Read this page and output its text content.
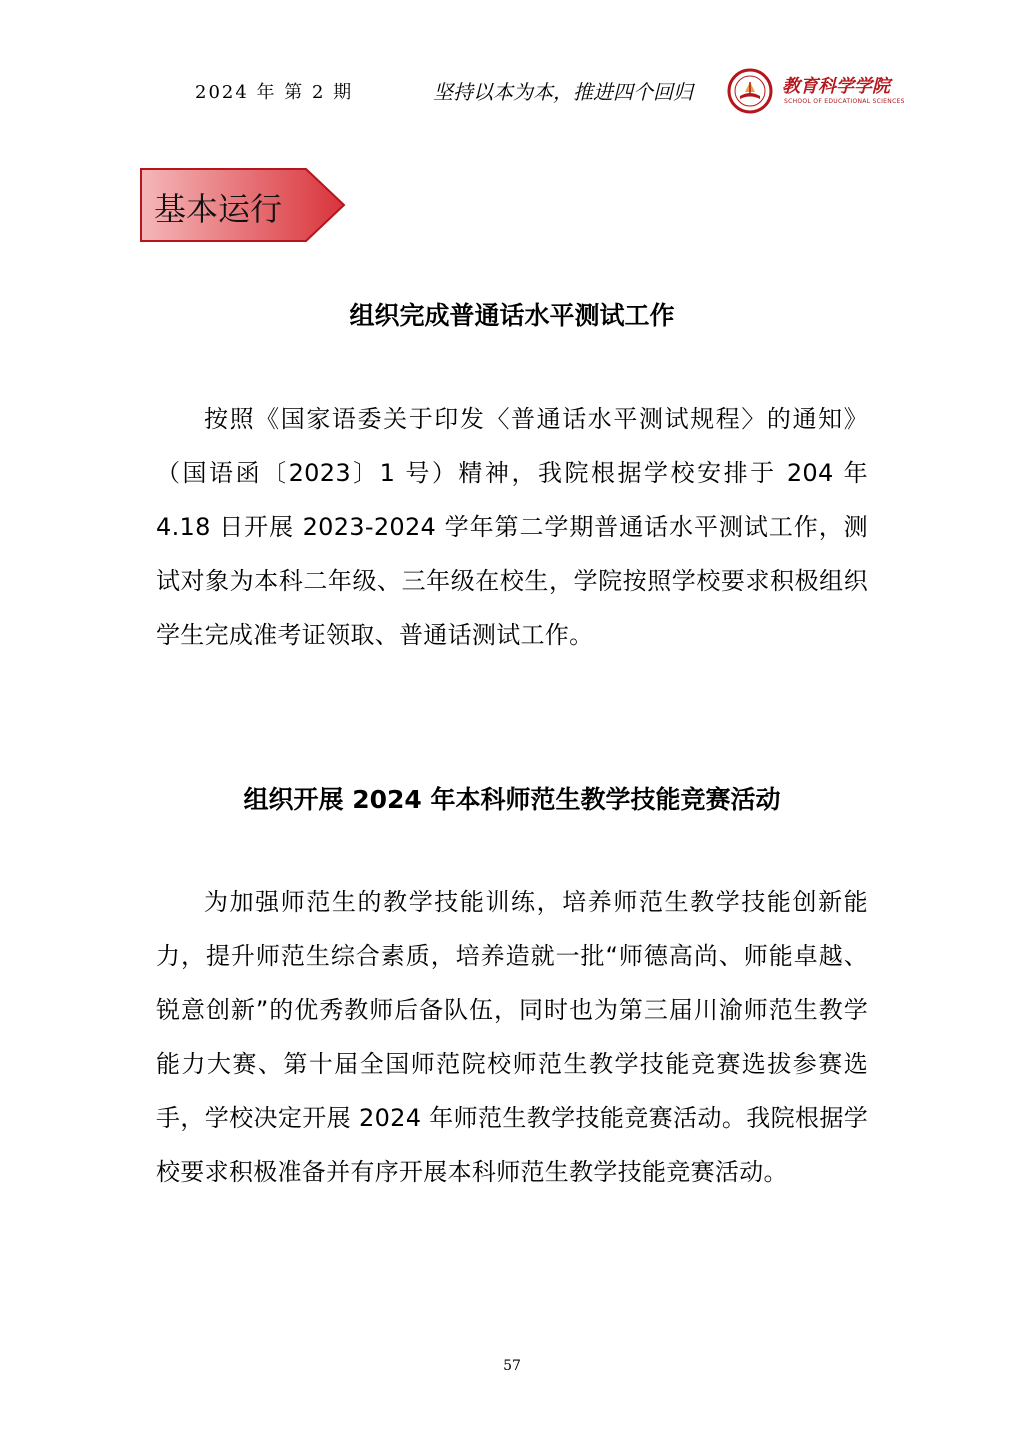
2024 年 第 2 期	坚持以本为本，推进四个回归	教育科学学院
SCHOOL OF EDUCATIONAL SCIENCES
基本运行
组织完成普通话水平测试工作
按照《国家语委关于印发〈普通话水平测试规程〉的通知》（国语函〔2023〕1 号）精神，我院根据学校安排于 204 年 4.18 日开展 2023-2024 学年第二学期普通话水平测试工作，测试对象为本科二年级、三年级在校生，学院按照学校要求积极组织学生完成准考证领取、普通话测试工作。
组织开展 2024 年本科师范生教学技能竞赛活动
为加强师范生的教学技能训练，培养师范生教学技能创新能力，提升师范生综合素质，培养造就一批“师德高尚、师能卓越、锐意创新”的优秀教师后备队伍，同时也为第三届川渝师范生教学能力大赛、第十届全国师范院校师范生教学技能竞赛选拔参赛选手，学校决定开展 2024 年师范生教学技能竞赛活动。我院根据学校要求积极准备并有序开展本科师范生教学技能竞赛活动。
57
